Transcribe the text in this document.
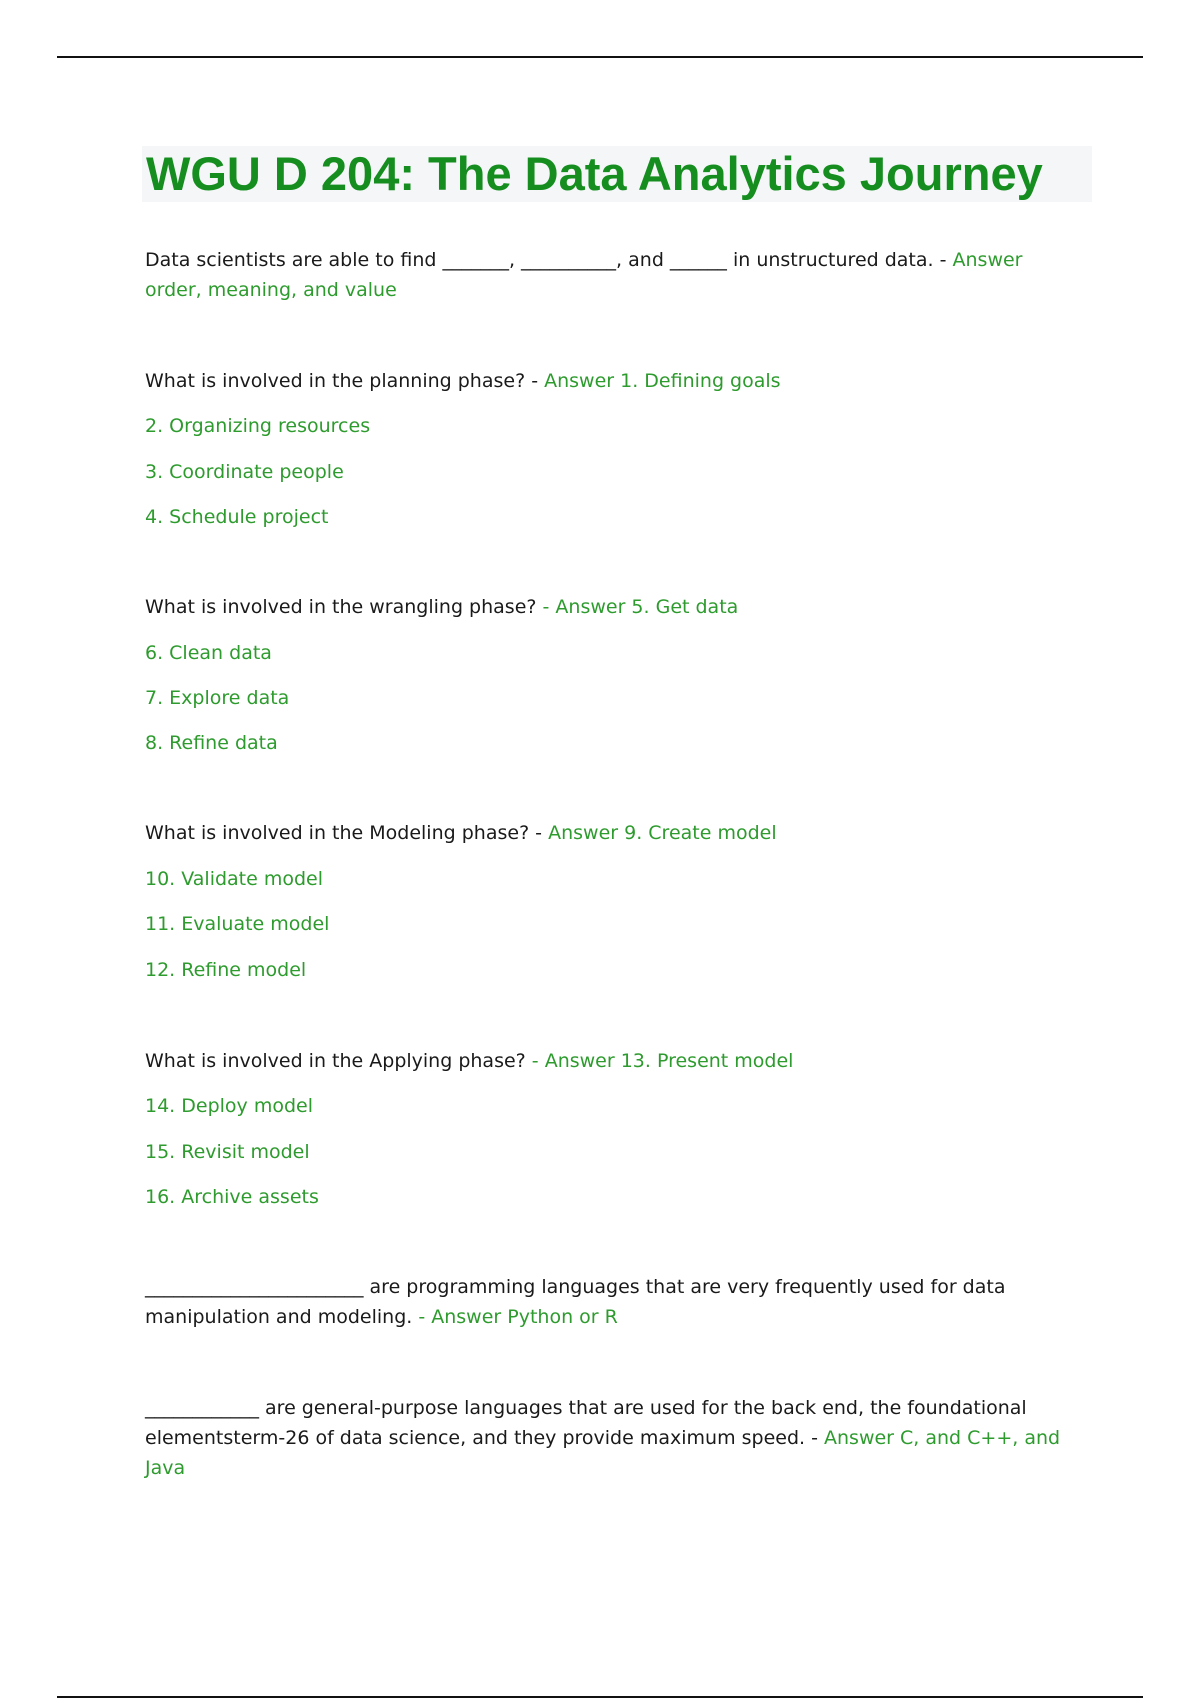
WGU D 204: The Data Analytics Journey

Data scientists are able to find _______, __________, and ______ in unstructured data. - Answer order, meaning, and value

What is involved in the planning phase? - Answer 1. Defining goals

2. Organizing resources

3. Coordinate people

4. Schedule project

What is involved in the wrangling phase? - Answer 5. Get data

6. Clean data

7. Explore data

8. Refine data

What is involved in the Modeling phase? - Answer 9. Create model

10. Validate model

11. Evaluate model

12. Refine model

What is involved in the Applying phase? - Answer 13. Present model

14. Deploy model

15. Revisit model

16. Archive assets

_______________________ are programming languages that are very frequently used for data manipulation and modeling. - Answer Python or R

____________ are general-purpose languages that are used for the back end, the foundational elementsterm-26 of data science, and they provide maximum speed. - Answer C, and C++, and Java
